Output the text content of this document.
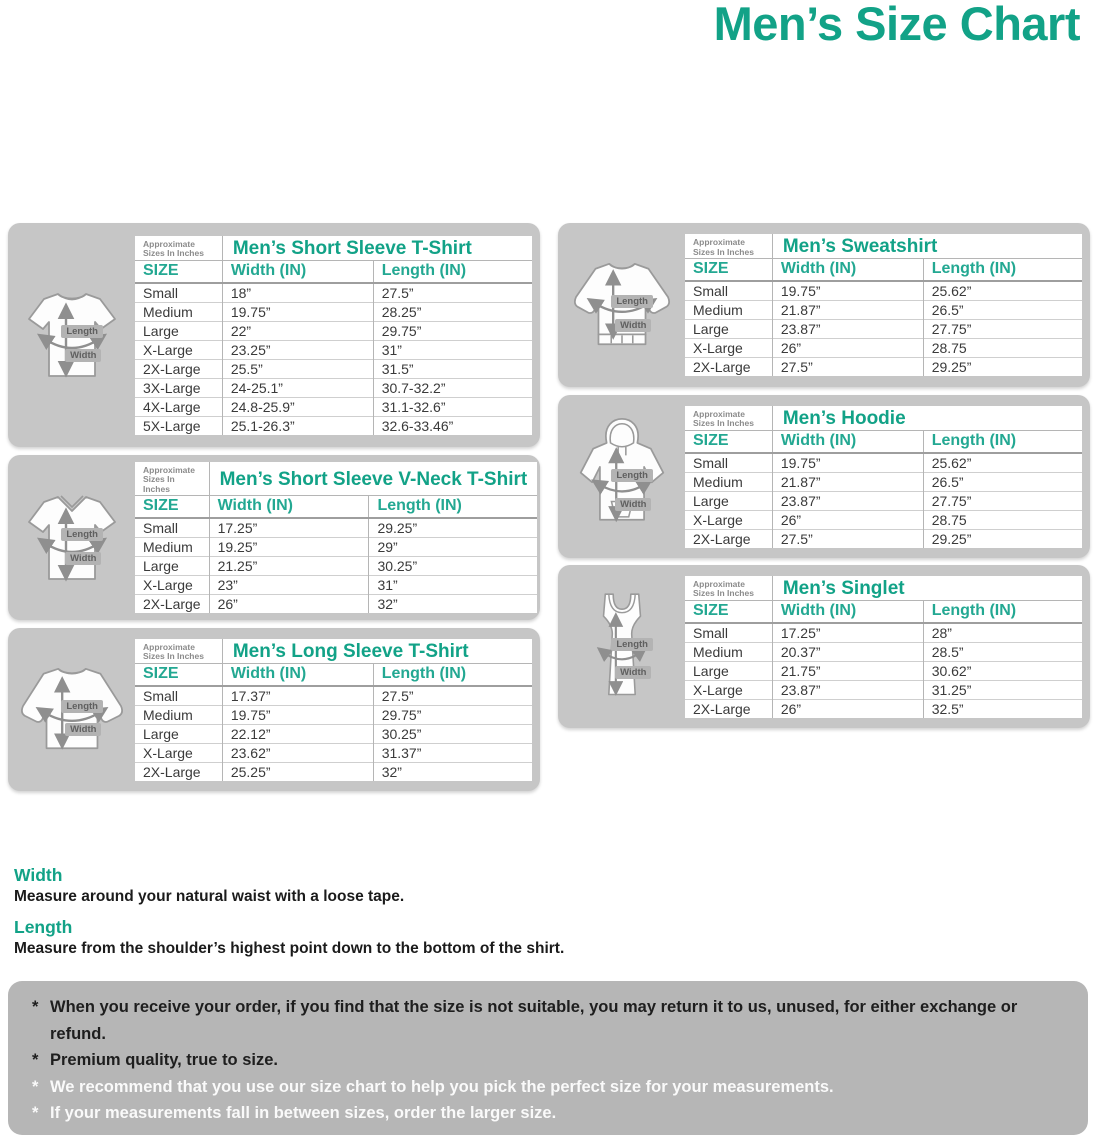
Men’s Size Chart
Length
Width
Approximate Sizes In Inches	Men’s Short Sleeve T-Shirt	
SIZE	Width (IN)	Length (IN)
Small	18”	27.5”
Medium	19.75”	28.25”
Large	22”	29.75”
X-Large	23.25”	31”
2X-Large	25.5”	31.5”
3X-Large	24-25.1”	30.7-32.2”
4X-Large	24.8-25.9”	31.1-32.6”
5X-Large	25.1-26.3”	32.6-33.46”
Length
Width
Approximate Sizes In Inches	Men’s Short Sleeve V-Neck T-Shirt	
SIZE	Width (IN)	Length (IN)
Small	17.25”	29.25”
Medium	19.25”	29”
Large	21.25”	30.25”
X-Large	23”	31”
2X-Large	26”	32”
Length
Width
Approximate Sizes In Inches	Men’s Long Sleeve T-Shirt	
SIZE	Width (IN)	Length (IN)
Small	17.37”	27.5”
Medium	19.75”	29.75”
Large	22.12”	30.25”
X-Large	23.62”	31.37”
2X-Large	25.25”	32”
Length
Width
Approximate Sizes In Inches	Men’s Sweatshirt	
SIZE	Width (IN)	Length (IN)
Small	19.75”	25.62”
Medium	21.87”	26.5”
Large	23.87”	27.75”
X-Large	26”	28.75
2X-Large	27.5”	29.25”
Length
Width
Approximate Sizes In Inches	Men’s Hoodie	
SIZE	Width (IN)	Length (IN)
Small	19.75”	25.62”
Medium	21.87”	26.5”
Large	23.87”	27.75”
X-Large	26”	28.75
2X-Large	27.5”	29.25”
Length
Width
Approximate Sizes In Inches	Men’s Singlet	
SIZE	Width (IN)	Length (IN)
Small	17.25”	28”
Medium	20.37”	28.5”
Large	21.75”	30.62”
X-Large	23.87”	31.25”
2X-Large	26”	32.5”
Width

Measure around your natural waist with a loose tape.

Length

Measure from the shoulder’s highest point down to the bottom of the shirt.

* When you receive your order, if you find that the size is not suitable, you may return it to us, unused, for either exchange or refund.
* Premium quality, true to size.
* We recommend that you use our size chart to help you pick the perfect size for your measurements.
* If your measurements fall in between sizes, order the larger size.
